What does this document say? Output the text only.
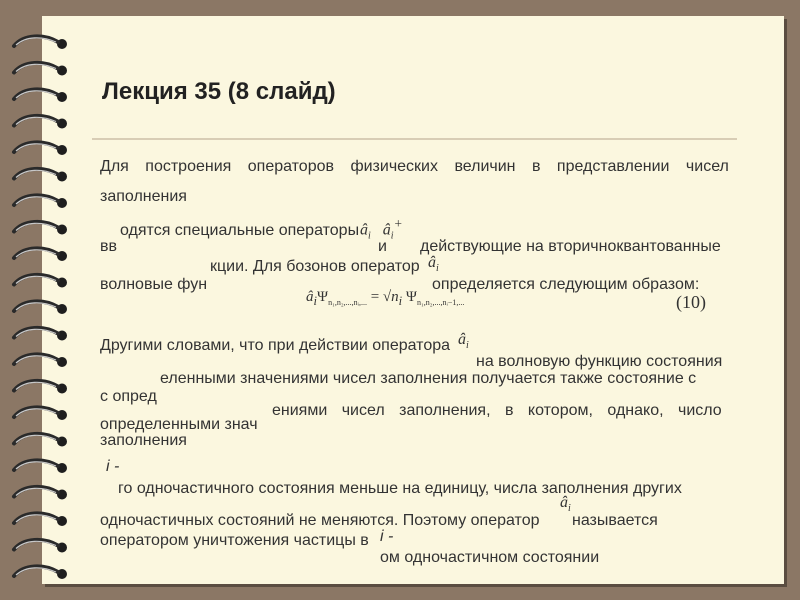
Лекция 35 (8 слайд)
Для построения операторов физических величин в представлении чисел
заполнения
одятся специальные операторы $â_i$   $â_i^+$
вв	и действующие на вторичноквантованные
кции. Для бозонов оператор $â_i$
волновые фун	определяется следующим образом:
$â_i\Psi_{n_1,n_2,...,nᵢ,...} = √n_i$ $\Psi_{n_1,n_2,...,nᵢ-1,...}$	(10)
Другими словами, что при действии оператора $â_i$
на волновую функцию состояния
еленными значениями чисел заполнения получается также состояние с
с опред
ениями чисел заполнения, в котором, однако, число
определенными знач
заполнения
i -
го одночастичного состояния меньше на единицу, числа заполнения других
$â_i$
одночастичных состояний не меняются. Поэтому оператор называется
оператором уничтожения частицы в i -
